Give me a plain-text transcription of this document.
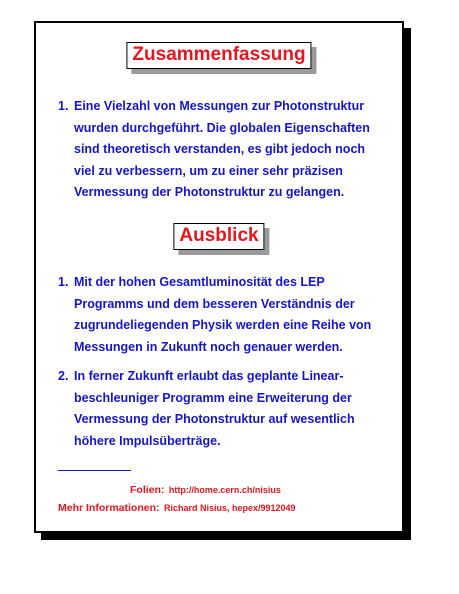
Zusammenfassung
1. Eine Vielzahl von Messungen zur Photonstruktur
wurden durchgeführt. Die globalen Eigenschaften
sind theoretisch verstanden, es gibt jedoch noch
viel zu verbessern, um zu einer sehr präzisen
Vermessung der Photonstruktur zu gelangen.
Ausblick
1. Mit der hohen Gesamtluminosität des LEP
Programms und dem besseren Verständnis der
zugrundeliegenden Physik werden eine Reihe von
Messungen in Zukunft noch genauer werden.
2. In ferner Zukunft erlaubt das geplante Linear-
beschleuniger Programm eine Erweiterung der
Vermessung der Photonstruktur auf wesentlich
höhere Impulsüberträge.
Folien: http://home.cern.ch/nisius
Mehr Informationen: Richard Nisius, hepex/9912049
